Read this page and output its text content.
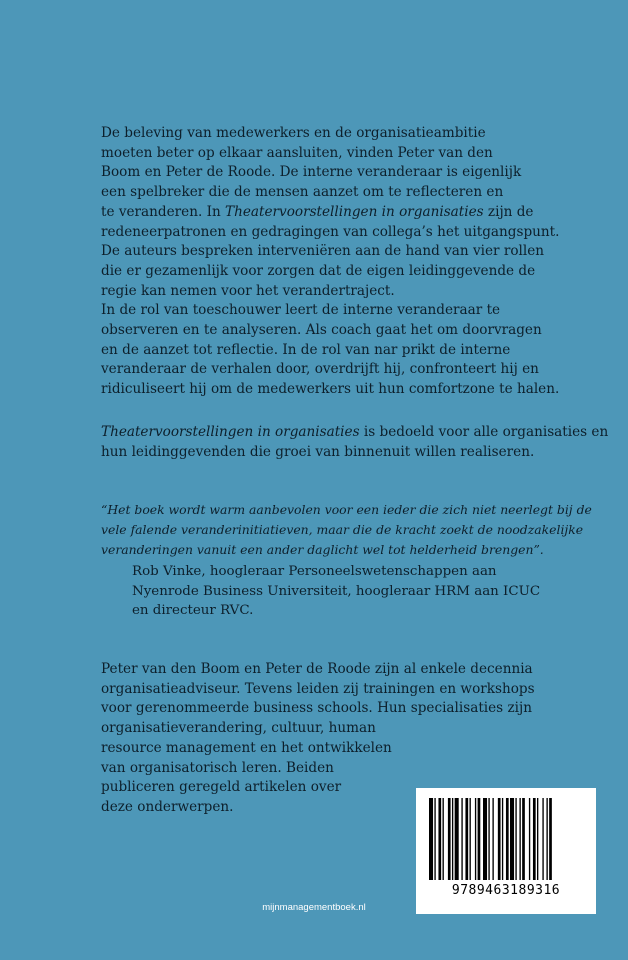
De beleving van medewerkers en de organisatieambitie
moeten beter op elkaar aansluiten, vinden Peter van den
Boom en Peter de Roode. De interne veranderaar is eigenlijk
een spelbreker die de mensen aanzet om te reflecteren en
te veranderen. In Theatervoorstellingen in organisaties zijn de
redeneerpatronen en gedragingen van collega’s het uitgangspunt.
De auteurs bespreken interveniëren aan de hand van vier rollen
die er gezamenlijk voor zorgen dat de eigen leidinggevende de
regie kan nemen voor het verandertraject.
In de rol van toeschouwer leert de interne veranderaar te
observeren en te analyseren. Als coach gaat het om doorvragen
en de aanzet tot reflectie. In de rol van nar prikt de interne
veranderaar de verhalen door, overdrijft hij, confronteert hij en
ridiculiseert hij om de medewerkers uit hun comfortzone te halen.
Theatervoorstellingen in organisaties is bedoeld voor alle organisaties en
hun leidinggevenden die groei van binnenuit willen realiseren.
“Het boek wordt warm aanbevolen voor een ieder die zich niet neerlegt bij de
vele falende veranderinitiatieven, maar die de kracht zoekt de noodzakelijke
veranderingen vanuit een ander daglicht wel tot helderheid brengen”.
Rob Vinke, hoogleraar Personeelswetenschappen aan
Nyenrode Business Universiteit, hoogleraar HRM aan ICUC
en directeur RVC.
Peter van den Boom en Peter de Roode zijn al enkele decennia
organisatieadviseur. Tevens leiden zij trainingen en workshops
voor gerenommeerde business schools. Hun specialisaties zijn
organisatieverandering, cultuur, human
resource management en het ontwikkelen
van organisatorisch leren. Beiden
publiceren geregeld artikelen over
deze onderwerpen.
9789463189316
mijnmanagementboek.nl
